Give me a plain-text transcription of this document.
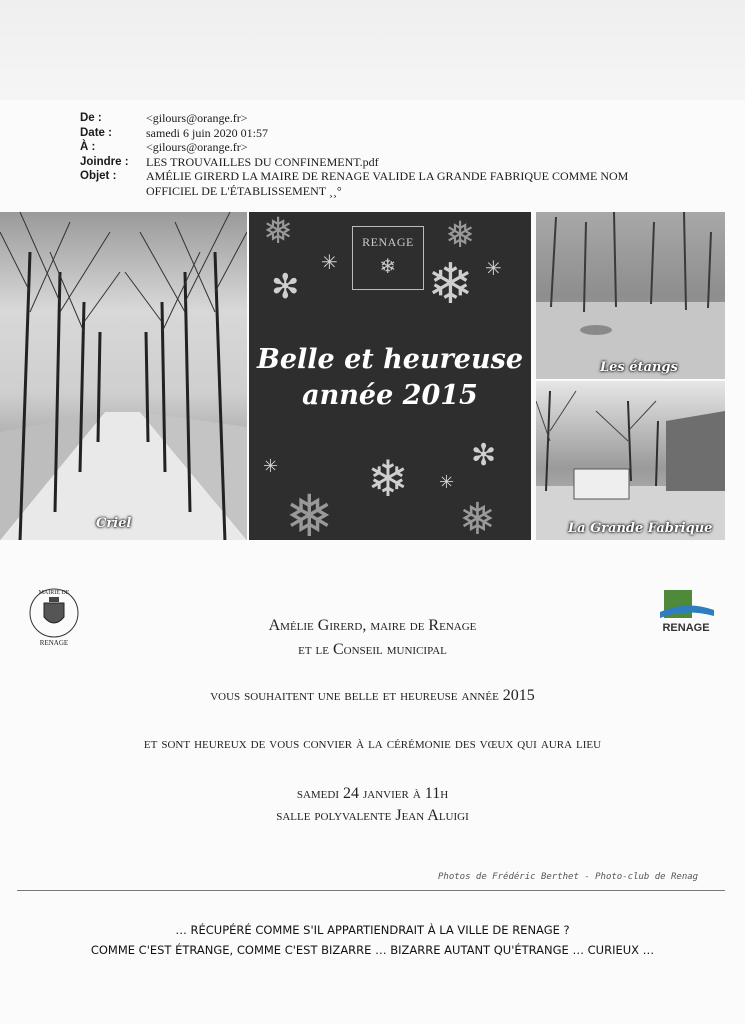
De :	<gilours@orange.fr>
Date :	samedi 6 juin 2020 01:57
À :	<gilours@orange.fr>
Joindre :	LES TROUVAILLES DU CONFINEMENT.pdf
Objet :	AMÉLIE GIRERD LA MAIRE DE RENAGE VALIDE LA GRANDE FABRIQUE COMME NOM
OFFICIEL DE L'ÉTABLISSEMENT ¸¸°
Criel
RENAGE
❄
✻
✳ ❄ ✳
❅
❅
Belle et heureuse
année 2015
✳ ❄ ✻
✳
❅	❅
Les étangs
La Grande Fabrique
MAIRIE DE
RENAGE
RENAGE
Amélie Girerd, maire de Renage
et le Conseil municipal
vous souhaitent une belle et heureuse année 2015
et sont heureux de vous convier à la cérémonie des vœux qui aura lieu
samedi 24 janvier à 11h
salle polyvalente Jean Aluigi
Photos de Frédéric Berthet - Photo-club de Renag
… RÉCUPÉRÉ COMME S'IL APPARTIENDRAIT À LA VILLE DE RENAGE ?
COMME C'EST ÉTRANGE, COMME C'EST BIZARRE … BIZARRE AUTANT QU'ÉTRANGE … CURIEUX …
